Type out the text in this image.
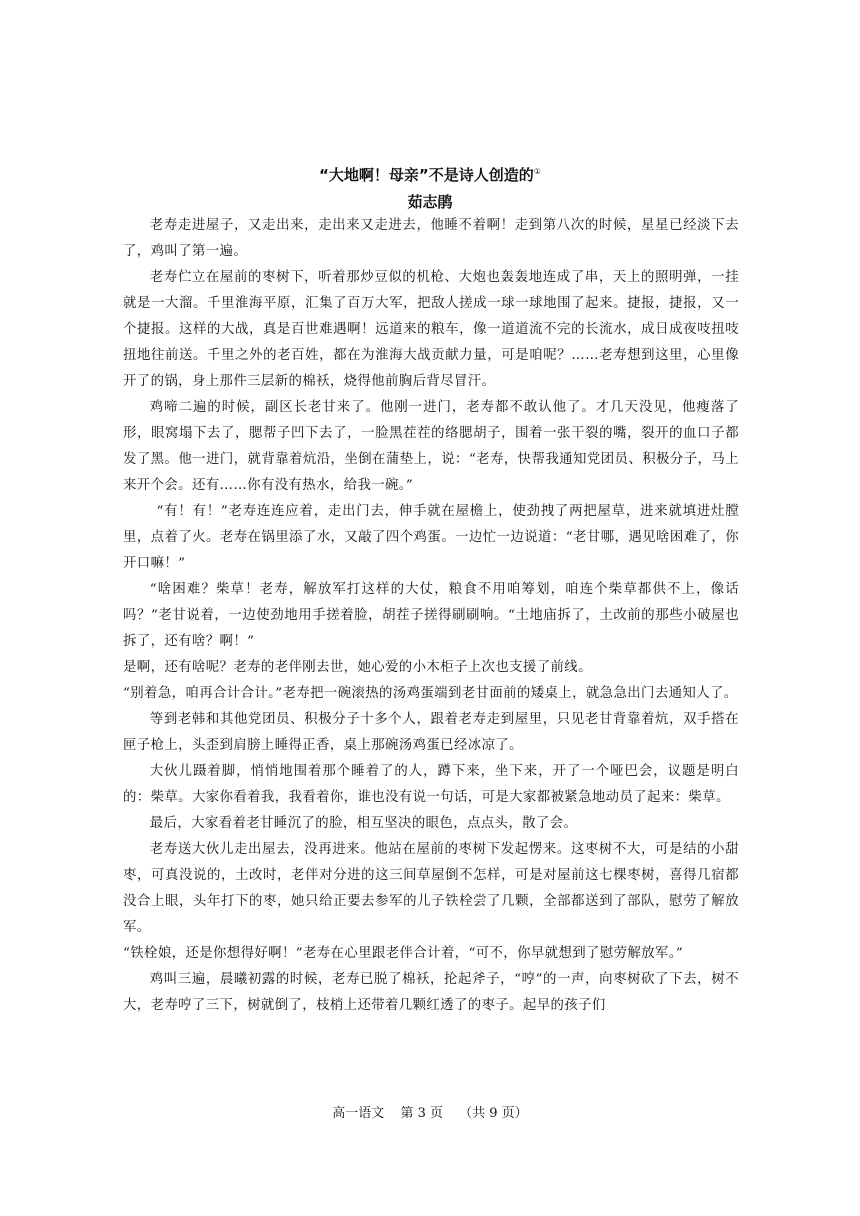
“大地啊！母亲”不是诗人创造的①
茹志鹃

老寿走进屋子，又走出来，走出来又走进去，他睡不着啊！走到第八次的时候，星星已经淡下去了，鸡叫了第一遍。

老寿伫立在屋前的枣树下，听着那炒豆似的机枪、大炮也轰轰地连成了串，天上的照明弹，一挂就是一大溜。千里淮海平原，汇集了百万大军，把敌人搓成一球一球地围了起来。捷报，捷报，又一个捷报。这样的大战，真是百世难遇啊！远道来的粮车，像一道道流不完的长流水，成日成夜吱扭吱扭地往前送。千里之外的老百姓，都在为淮海大战贡献力量，可是咱呢？……老寿想到这里，心里像开了的锅，身上那件三层新的棉袄，烧得他前胸后背尽冒汗。

鸡啼二遍的时候，副区长老甘来了。他刚一进门，老寿都不敢认他了。才几天没见，他瘦落了形，眼窝塌下去了，腮帮子凹下去了，一脸黑茬茬的络腮胡子，围着一张干裂的嘴，裂开的血口子都发了黑。他一进门，就背靠着炕沿，坐倒在蒲垫上，说：“老寿，快帮我通知党团员、积极分子，马上来开个会。还有……你有没有热水，给我一碗。”

“有！有！”老寿连连应着，走出门去，伸手就在屋檐上，使劲拽了两把屋草，进来就填进灶膛里，点着了火。老寿在锅里添了水，又敲了四个鸡蛋。一边忙一边说道：“老甘哪，遇见啥困难了，你开口嘛！”

“啥困难？柴草！老寿，解放军打这样的大仗，粮食不用咱筹划，咱连个柴草都供不上，像话吗？”老甘说着，一边使劲地用手搓着脸，胡茬子搓得刷刷响。“土地庙拆了，土改前的那些小破屋也拆了，还有啥？啊！”

是啊，还有啥呢？老寿的老伴刚去世，她心爱的小木柜子上次也支援了前线。

“别着急，咱再合计合计。”老寿把一碗滚热的汤鸡蛋端到老甘面前的矮桌上，就急急出门去通知人了。

等到老韩和其他党团员、积极分子十多个人，跟着老寿走到屋里，只见老甘背靠着炕，双手搭在匣子枪上，头歪到肩膀上睡得正香，桌上那碗汤鸡蛋已经冰凉了。

大伙儿蹑着脚，悄悄地围着那个睡着了的人，蹲下来，坐下来，开了一个哑巴会，议题是明白的：柴草。大家你看着我，我看着你，谁也没有说一句话，可是大家都被紧急地动员了起来：柴草。

最后，大家看着老甘睡沉了的脸，相互坚决的眼色，点点头，散了会。

老寿送大伙儿走出屋去，没再进来。他站在屋前的枣树下发起愣来。这枣树不大，可是结的小甜枣，可真没说的，土改时，老伴对分进的这三间草屋倒不怎样，可是对屋前这七棵枣树，喜得几宿都没合上眼，头年打下的枣，她只给正要去参军的儿子铁栓尝了几颗，全部都送到了部队，慰劳了解放军。

“铁栓娘，还是你想得好啊！”老寿在心里跟老伴合计着，“可不，你早就想到了慰劳解放军。”

鸡叫三遍，晨曦初露的时候，老寿已脱了棉袄，抡起斧子，“哼”的一声，向枣树砍了下去，树不大，老寿哼了三下，树就倒了，枝梢上还带着几颗红透了的枣子。起早的孩子们

高一语文 第 3 页 （共 9 页）
